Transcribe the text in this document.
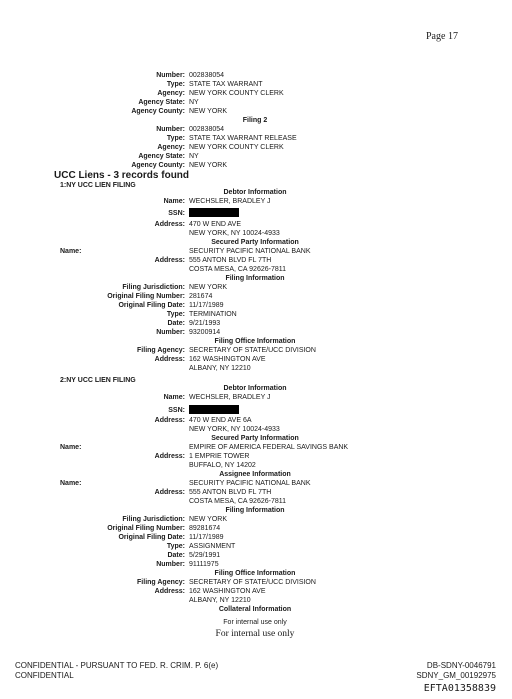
Page 17
Number: 002838054
Type: STATE TAX WARRANT
Agency: NEW YORK COUNTY CLERK
Agency State: NY
Agency County: NEW YORK
Filing 2
Number: 002838054
Type: STATE TAX WARRANT RELEASE
Agency: NEW YORK COUNTY CLERK
Agency State: NY
Agency County: NEW YORK
UCC Liens - 3 records found
1:NY UCC LIEN FILING
Debtor Information
Name: WECHSLER, BRADLEY J
SSN:
Address: 470 W END AVE
NEW YORK, NY 10024-4933
Secured Party Information
Name:	SECURITY PACIFIC NATIONAL BANK
Address: 555 ANTON BLVD FL 7TH
COSTA MESA, CA 92626-7811
Filing Information
Filing Jurisdiction: NEW YORK
Original Filing Number: 281674
Original Filing Date: 11/17/1989
Type: TERMINATION
Date: 9/21/1993
Number: 93200914
Filing Office Information
Filing Agency: SECRETARY OF STATE/UCC DIVISION
Address: 162 WASHINGTON AVE
ALBANY, NY 12210
2:NY UCC LIEN FILING
Debtor Information
Name: WECHSLER, BRADLEY J
SSN:
Address: 470 W END AVE 6A
NEW YORK, NY 10024-4933
Secured Party Information
Name:	EMPIRE OF AMERICA FEDERAL SAVINGS BANK
Address: 1 EMPRIE TOWER
BUFFALO, NY 14202
Assignee Information
Name:	SECURITY PACIFIC NATIONAL BANK
Address: 555 ANTON BLVD FL 7TH
COSTA MESA, CA 92626-7811
Filing Information
Filing Jurisdiction: NEW YORK
Original Filing Number: 89281674
Original Filing Date: 11/17/1989
Type: ASSIGNMENT
Date: 5/29/1991
Number: 91111975
Filing Office Information
Filing Agency: SECRETARY OF STATE/UCC DIVISION
Address: 162 WASHINGTON AVE
ALBANY, NY 12210
Collateral Information
For internal use only
For internal use only
CONFIDENTIAL - PURSUANT TO FED. R. CRIM. P. 6(e)
CONFIDENTIAL
DB-SDNY-0046791
SDNY_GM_00192975
EFTA01358839
